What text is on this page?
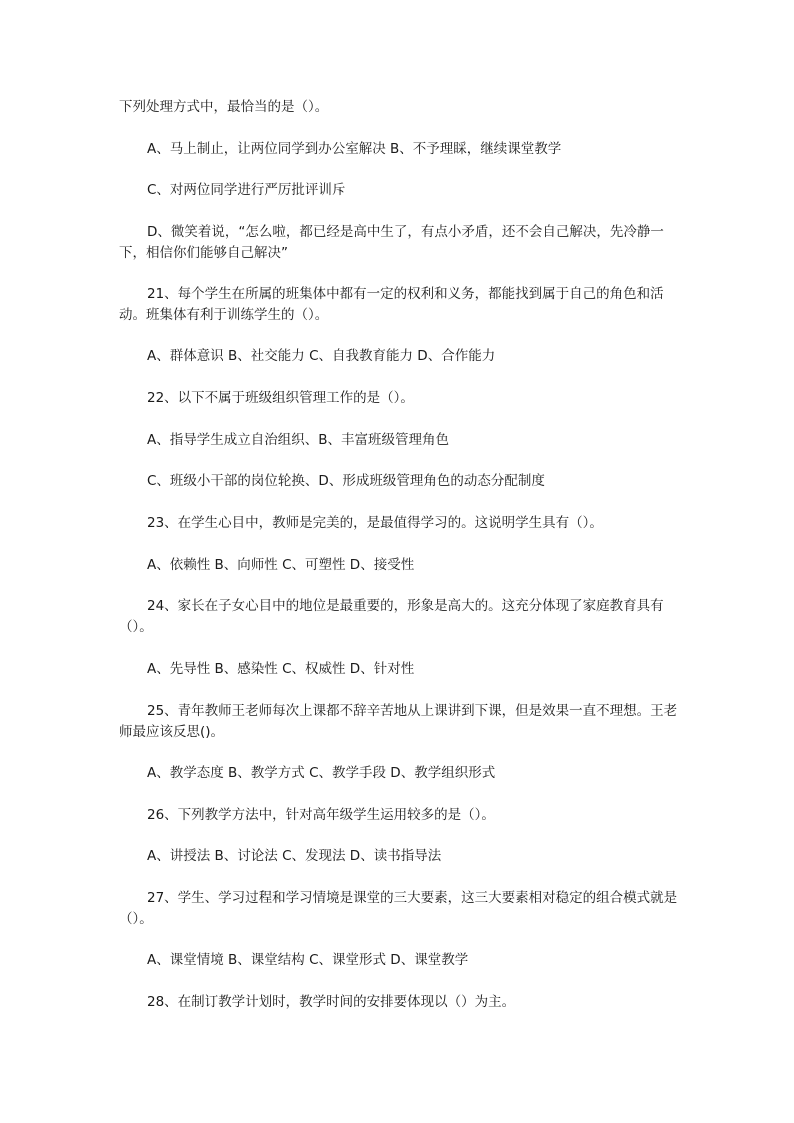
下列处理方式中，最恰当的是（）。

A、马上制止，让两位同学到办公室解决 B、不予理睬，继续课堂教学

C、对两位同学进行严厉批评训斥

D、微笑着说，“怎么啦，都已经是高中生了，有点小矛盾，还不会自己解决，先冷静一下，相信你们能够自己解决”

21、每个学生在所属的班集体中都有一定的权利和义务，都能找到属于自己的角色和活动。班集体有利于训练学生的（）。

A、群体意识 B、社交能力 C、自我教育能力 D、合作能力

22、以下不属于班级组织管理工作的是（）。

A、指导学生成立自治组织、B、丰富班级管理角色

C、班级小干部的岗位轮换、D、形成班级管理角色的动态分配制度

23、在学生心目中，教师是完美的，是最值得学习的。这说明学生具有（）。

A、依赖性 B、向师性 C、可塑性 D、接受性

24、家长在子女心目中的地位是最重要的，形象是高大的。这充分体现了家庭教育具有（）。

A、先导性 B、感染性 C、权威性 D、针对性

25、青年教师王老师每次上课都不辞辛苦地从上课讲到下课，但是效果一直不理想。王老师最应该反思()。

A、教学态度 B、教学方式 C、教学手段 D、教学组织形式

26、下列教学方法中，针对高年级学生运用较多的是（）。

A、讲授法 B、讨论法 C、发现法 D、读书指导法

27、学生、学习过程和学习情境是课堂的三大要素，这三大要素相对稳定的组合模式就是（）。

A、课堂情境 B、课堂结构 C、课堂形式 D、课堂教学

28、在制订教学计划时，教学时间的安排要体现以（）为主。
